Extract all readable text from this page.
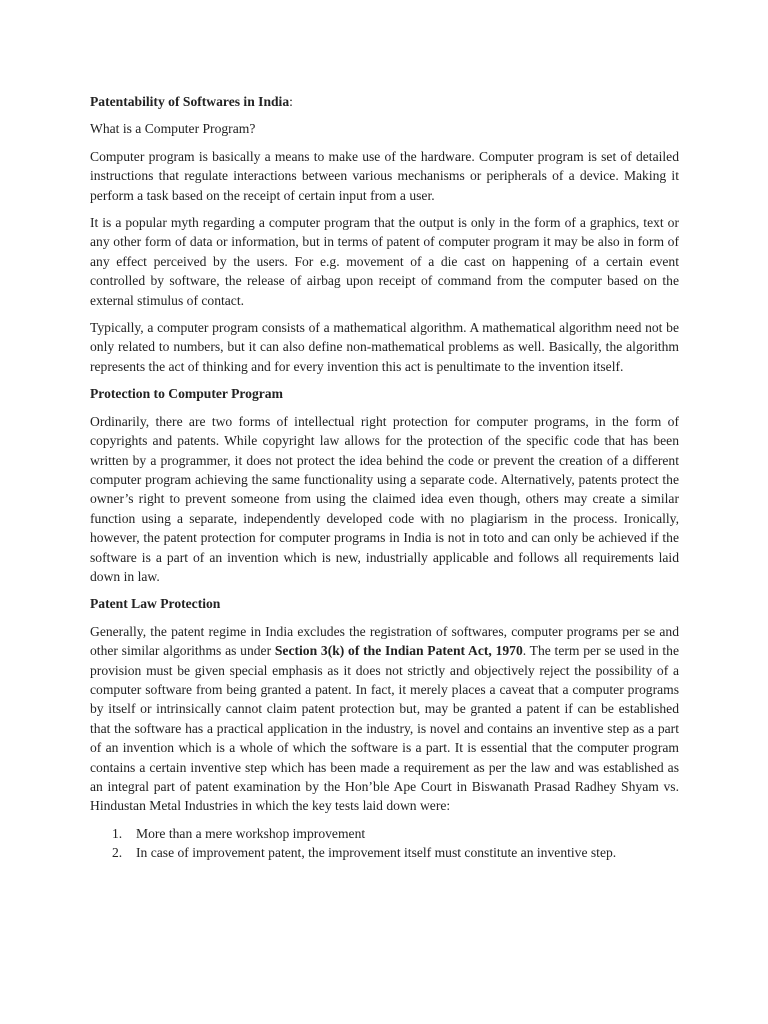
Patentability of Softwares in India:

What is a Computer Program?

Computer program is basically a means to make use of the hardware. Computer program is set of detailed instructions that regulate interactions between various mechanisms or peripherals of a device. Making it perform a task based on the receipt of certain input from a user.

It is a popular myth regarding a computer program that the output is only in the form of a graphics, text or any other form of data or information, but in terms of patent of computer program it may be also in form of any effect perceived by the users. For e.g. movement of a die cast on happening of a certain event controlled by software, the release of airbag upon receipt of command from the computer based on the external stimulus of contact.

Typically, a computer program consists of a mathematical algorithm. A mathematical algorithm need not be only related to numbers, but it can also define non-mathematical problems as well. Basically, the algorithm represents the act of thinking and for every invention this act is penultimate to the invention itself.

Protection to Computer Program

Ordinarily, there are two forms of intellectual right protection for computer programs, in the form of copyrights and patents. While copyright law allows for the protection of the specific code that has been written by a programmer, it does not protect the idea behind the code or prevent the creation of a different computer program achieving the same functionality using a separate code. Alternatively, patents protect the owner’s right to prevent someone from using the claimed idea even though, others may create a similar function using a separate, independently developed code with no plagiarism in the process. Ironically, however, the patent protection for computer programs in India is not in toto and can only be achieved if the software is a part of an invention which is new, industrially applicable and follows all requirements laid down in law.

Patent Law Protection

Generally, the patent regime in India excludes the registration of softwares, computer programs per se and other similar algorithms as under Section 3(k) of the Indian Patent Act, 1970. The term per se used in the provision must be given special emphasis as it does not strictly and objectively reject the possibility of a computer software from being granted a patent. In fact, it merely places a caveat that a computer programs by itself or intrinsically cannot claim patent protection but, may be granted a patent if can be established that the software has a practical application in the industry, is novel and contains an inventive step as a part of an invention which is a whole of which the software is a part. It is essential that the computer program contains a certain inventive step which has been made a requirement as per the law and was established as an integral part of patent examination by the Hon’ble Ape Court in Biswanath Prasad Radhey Shyam vs. Hindustan Metal Industries in which the key tests laid down were:

1. More than a mere workshop improvement
2. In case of improvement patent, the improvement itself must constitute an inventive step.
